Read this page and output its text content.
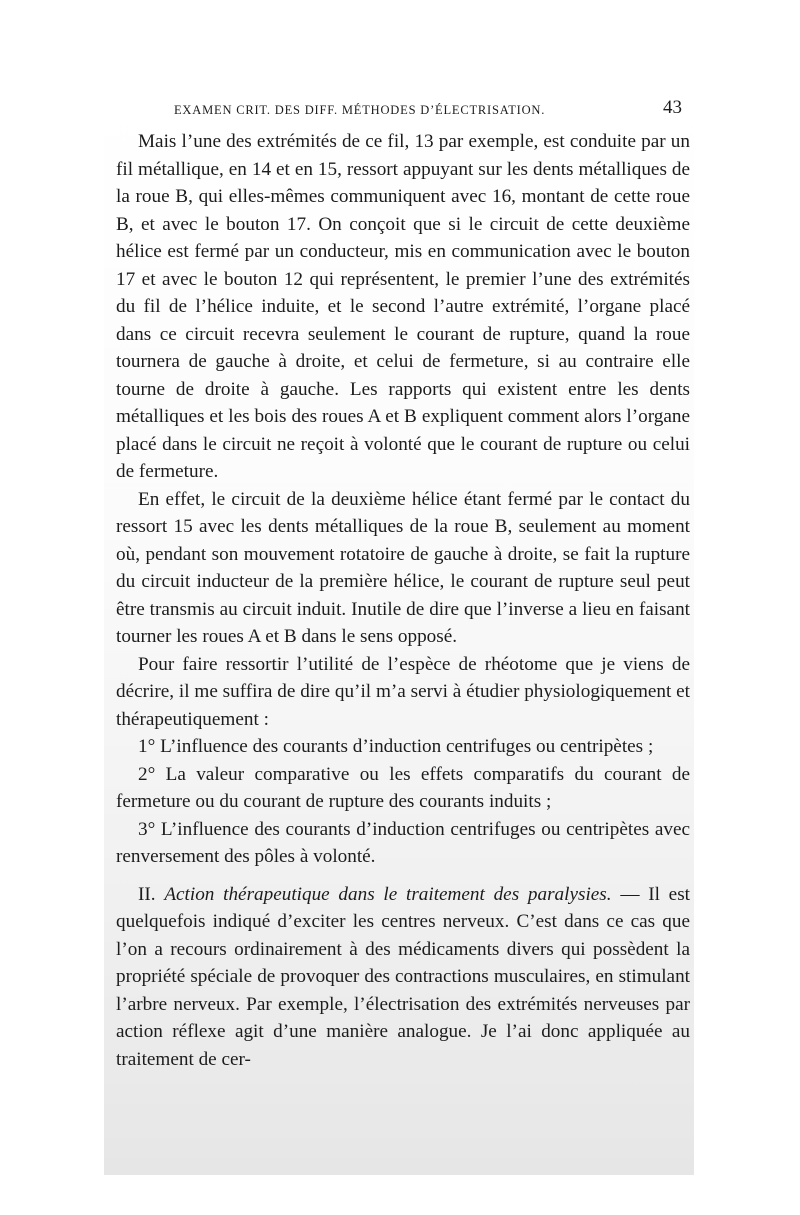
EXAMEN CRIT. DES DIFF. MÉTHODES D’ÉLECTRISATION.	43

Mais l’une des extrémités de ce fil, 13 par exemple, est conduite par un fil métallique, en 14 et en 15, ressort appuyant sur les dents métalliques de la roue B, qui elles-mêmes communiquent avec 16, montant de cette roue B, et avec le bouton 17. On conçoit que si le circuit de cette deuxième hélice est fermé par un conducteur, mis en communication avec le bouton 17 et avec le bouton 12 qui représentent, le premier l’une des extrémités du fil de l’hélice induite, et le second l’autre extrémité, l’organe placé dans ce circuit recevra seulement le courant de rupture, quand la roue tournera de gauche à droite, et celui de fermeture, si au contraire elle tourne de droite à gauche. Les rapports qui existent entre les dents métalliques et les bois des roues A et B expliquent comment alors l’organe placé dans le circuit ne reçoit à volonté que le courant de rupture ou celui de fermeture.

En effet, le circuit de la deuxième hélice étant fermé par le contact du ressort 15 avec les dents métalliques de la roue B, seulement au moment où, pendant son mouvement rotatoire de gauche à droite, se fait la rupture du circuit inducteur de la première hélice, le courant de rupture seul peut être transmis au circuit induit. Inutile de dire que l’inverse a lieu en faisant tourner les roues A et B dans le sens opposé.

Pour faire ressortir l’utilité de l’espèce de rhéotome que je viens de décrire, il me suffira de dire qu’il m’a servi à étudier physiologiquement et thérapeutiquement :

1° L’influence des courants d’induction centrifuges ou centripètes ;

2° La valeur comparative ou les effets comparatifs du courant de fermeture ou du courant de rupture des courants induits ;

3° L’influence des courants d’induction centrifuges ou centripètes avec renversement des pôles à volonté.

II. Action thérapeutique dans le traitement des paralysies. — Il est quelquefois indiqué d’exciter les centres nerveux. C’est dans ce cas que l’on a recours ordinairement à des médicaments divers qui possèdent la propriété spéciale de provoquer des contractions musculaires, en stimulant l’arbre nerveux. Par exemple, l’électrisation des extrémités nerveuses par action réflexe agit d’une manière analogue. Je l’ai donc appliquée au traitement de cer-
